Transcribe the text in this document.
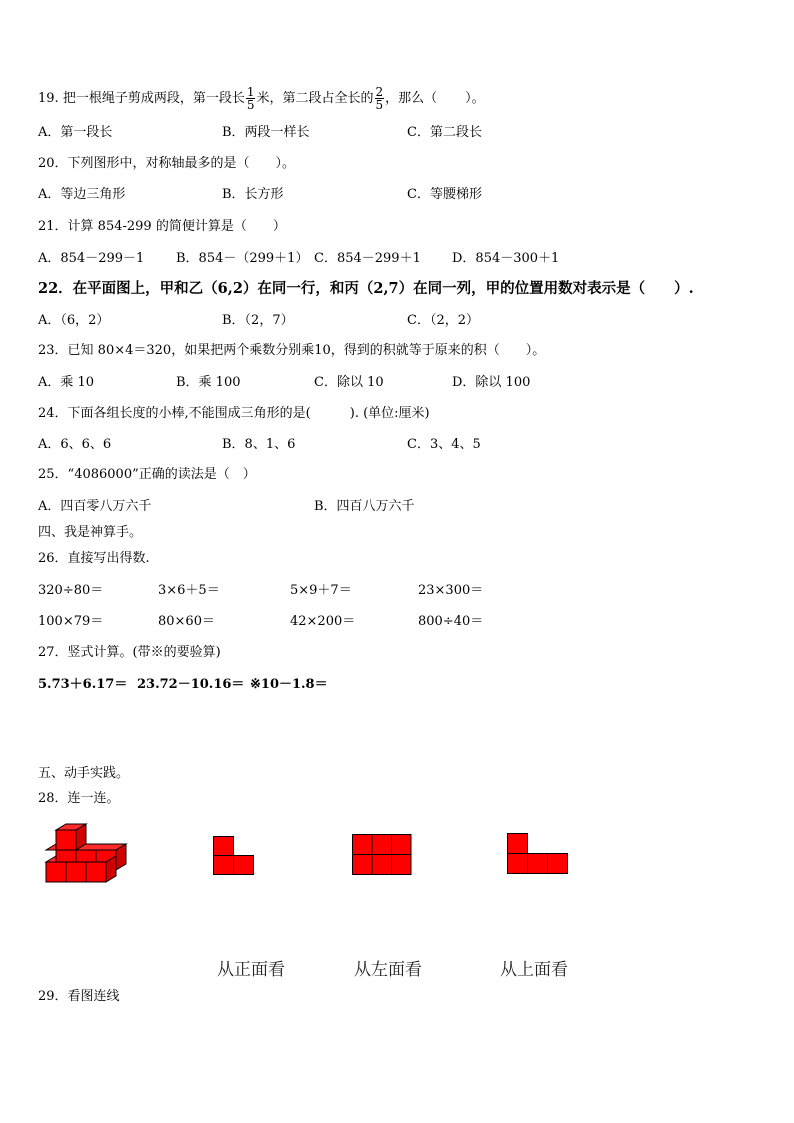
19. 把一根绳子剪成两段，第一段长 $\frac{1}{5}$ 米，第二段占全长的 $\frac{2}{5}$ ，那么（ ）。
A．第一段长	B．两段一样长	C．第二段长
20．下列图形中，对称轴最多的是（　　）。
A．等边三角形	B．长方形	C．等腰梯形
21．计算 854-299 的简便计算是（　　）
A．854－299－1 B．854－（299＋1） C．854－299＋1 D．854－300＋1
22．在平面图上，甲和乙（6,2）在同一行，和丙（2,7）在同一列，甲的位置用数对表示是（　　）.
A．（6，2）	B．（2，7）	C．（2，2）
23．已知 80×4＝320，如果把两个乘数分别乘10，得到的积就等于原来的积（　　）。
A．乘 10	B．乘 100	C．除以 10	D．除以 100
24．下面各组长度的小棒,不能围成三角形的是(　　　). (单位:厘米)
A．6、6、6	B．8、1、6	C．3、4、5
25．“4086000”正确的读法是（　）
A．四百零八万六千	B．四百八万六千
四、我是神算手。
26．直接写出得数.
320÷80＝	3×6＋5＝	5×9＋7＝	23×300＝
100×79＝	80×60＝	42×200＝	800÷40＝
27．竖式计算。(带※的要验算)
5.73＋6.17＝ 23.72－10.16＝ ※10－1.8＝
五、动手实践。
28．连一连。
从正面看	从左面看	从上面看
29．看图连线
